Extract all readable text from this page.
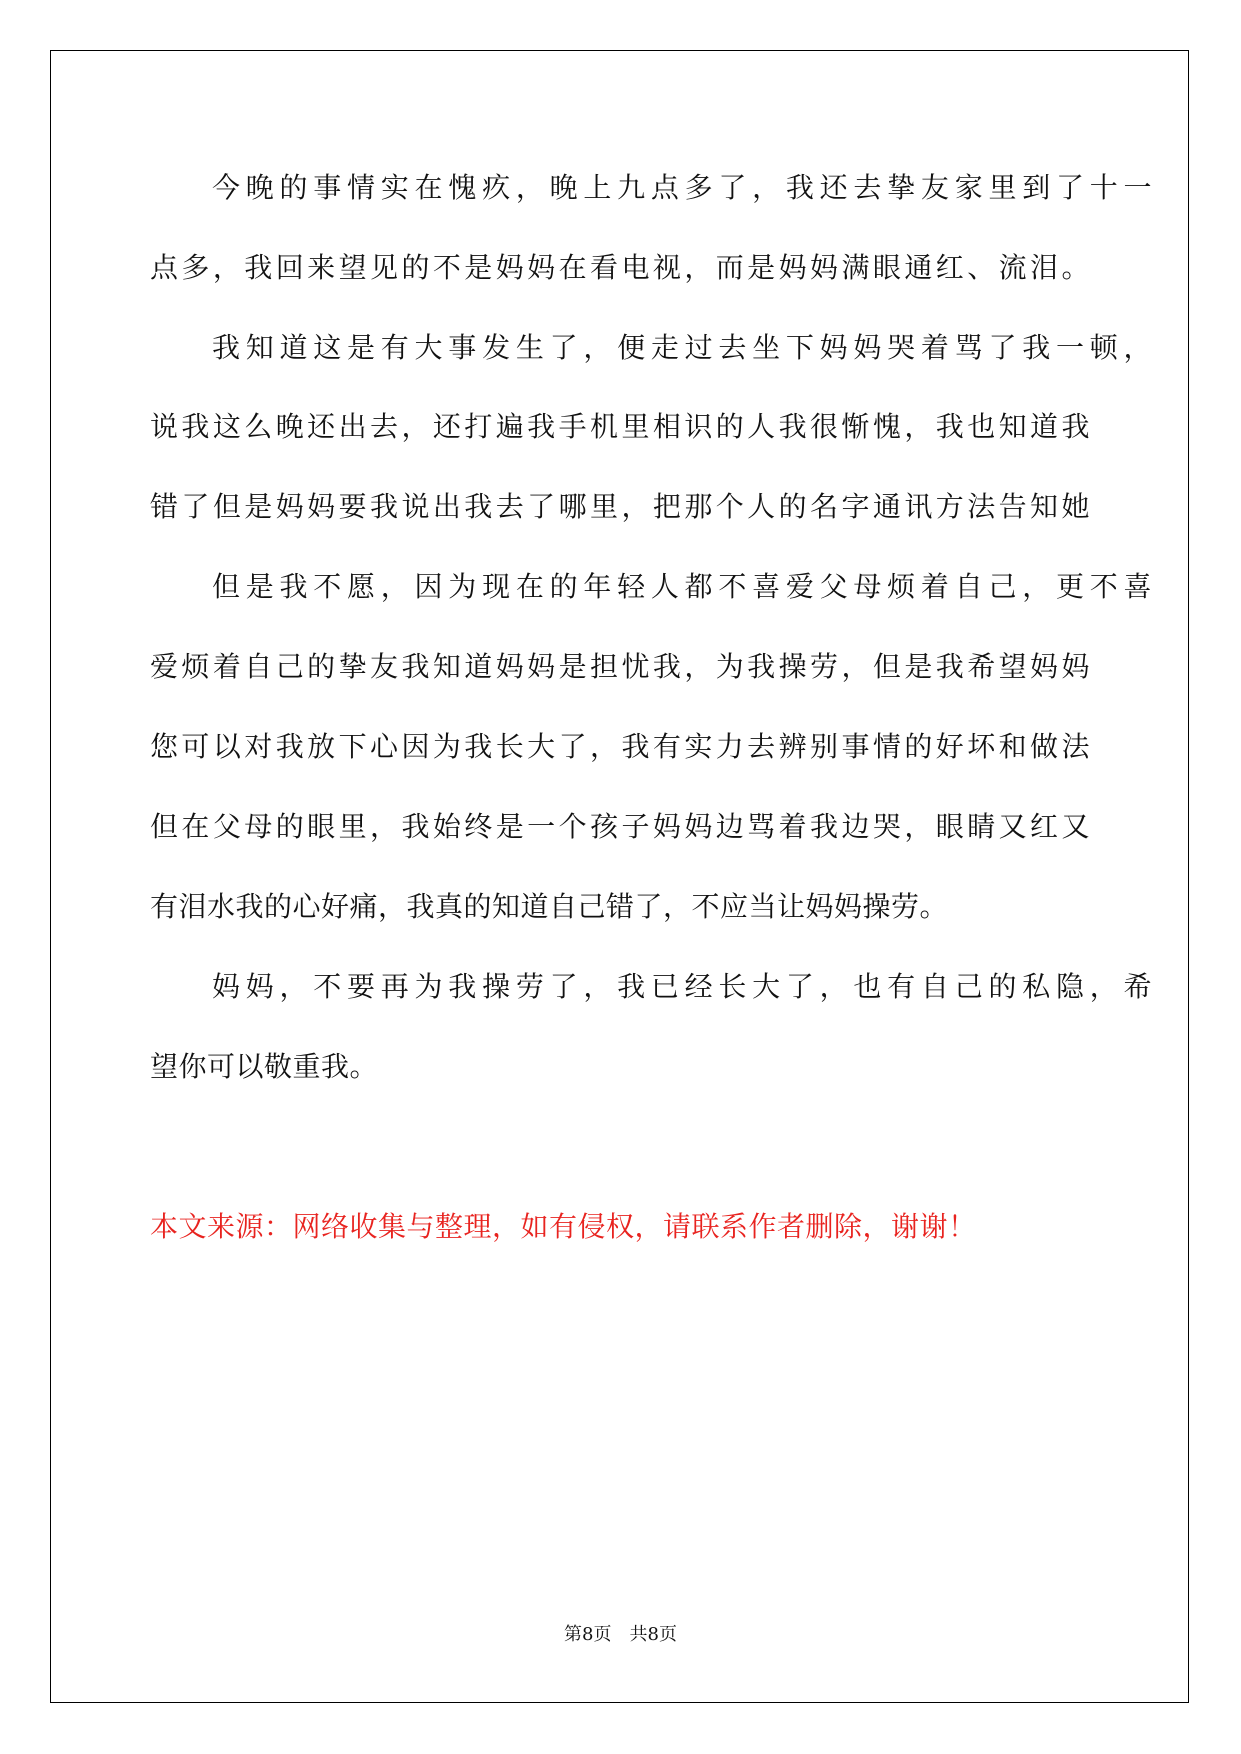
今晚的事情实在愧疚，晚上九点多了，我还去挚友家里到了十一
点多，我回来望见的不是妈妈在看电视，而是妈妈满眼通红、流泪。
我知道这是有大事发生了，便走过去坐下妈妈哭着骂了我一顿，
说我这么晚还出去，还打遍我手机里相识的人我很惭愧，我也知道我
错了但是妈妈要我说出我去了哪里，把那个人的名字通讯方法告知她
但是我不愿，因为现在的年轻人都不喜爱父母烦着自己，更不喜
爱烦着自己的挚友我知道妈妈是担忧我，为我操劳，但是我希望妈妈
您可以对我放下心因为我长大了，我有实力去辨别事情的好坏和做法
但在父母的眼里，我始终是一个孩子妈妈边骂着我边哭，眼睛又红又
有泪水我的心好痛，我真的知道自己错了，不应当让妈妈操劳。
妈妈，不要再为我操劳了，我已经长大了，也有自己的私隐，希
望你可以敬重我。
本文来源：网络收集与整理，如有侵权，请联系作者删除，谢谢！
第8页 共8页
